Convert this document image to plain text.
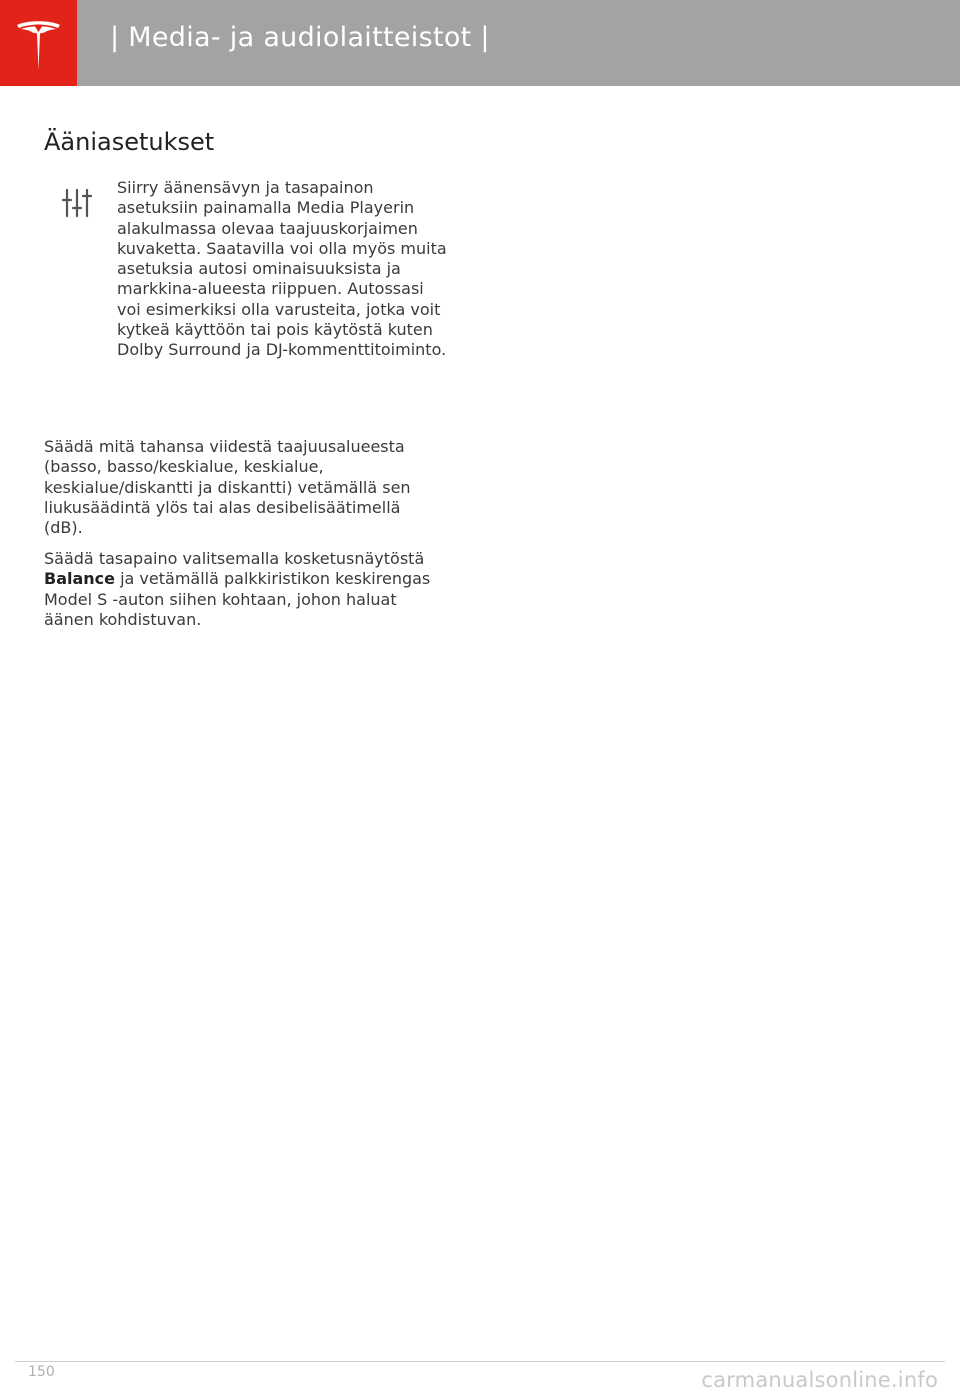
| Media- ja audiolaitteistot |
Ääniasetukset
Siirry äänensävyn ja tasapainon asetuksiin painamalla Media Playerin alakulmassa olevaa taajuuskorjaimen kuvaketta. Saatavilla voi olla myös muita asetuksia autosi ominaisuuksista ja markkina-alueesta riippuen. Autossasi voi esimerkiksi olla varusteita, jotka voit kytkeä käyttöön tai pois käytöstä kuten Dolby Surround ja DJ-kommenttitoiminto.
Säädä mitä tahansa viidestä taajuusalueesta (basso, basso/keskialue, keskialue, keskialue/diskantti ja diskantti) vetämällä sen liukusäädintä ylös tai alas desibelisäätimellä (dB).
Säädä tasapaino valitsemalla kosketusnäytöstä Balance ja vetämällä palkkiristikon keskirengas Model S -auton siihen kohtaan, johon haluat äänen kohdistuvan.
150	carmanualsonline.info
